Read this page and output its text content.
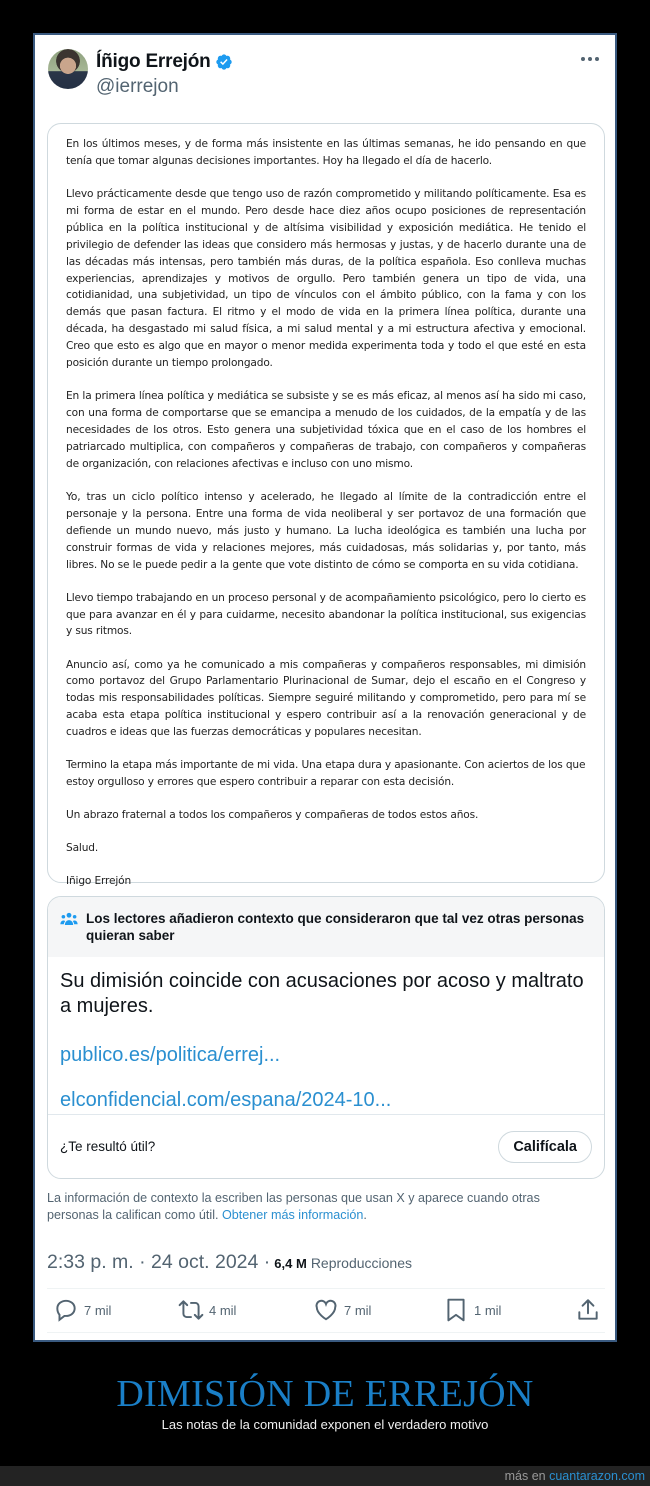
Íñigo Errejón
@ierrejon

En los últimos meses, y de forma más insistente en las últimas semanas, he ido pensando en que tenía que tomar algunas decisiones importantes. Hoy ha llegado el día de hacerlo.

Llevo prácticamente desde que tengo uso de razón comprometido y militando políticamente. Esa es mi forma de estar en el mundo. Pero desde hace diez años ocupo posiciones de representación pública en la política institucional y de altísima visibilidad y exposición mediática. He tenido el privilegio de defender las ideas que considero más hermosas y justas, y de hacerlo durante una de las décadas más intensas, pero también más duras, de la política española. Eso conlleva muchas experiencias, aprendizajes y motivos de orgullo. Pero también genera un tipo de vida, una cotidianidad, una subjetividad, un tipo de vínculos con el ámbito público, con la fama y con los demás que pasan factura. El ritmo y el modo de vida en la primera línea política, durante una década, ha desgastado mi salud física, a mi salud mental y a mi estructura afectiva y emocional. Creo que esto es algo que en mayor o menor medida experimenta toda y todo el que esté en esta posición durante un tiempo prolongado.

En la primera línea política y mediática se subsiste y se es más eficaz, al menos así ha sido mi caso, con una forma de comportarse que se emancipa a menudo de los cuidados, de la empatía y de las necesidades de los otros. Esto genera una subjetividad tóxica que en el caso de los hombres el patriarcado multiplica, con compañeros y compañeras de trabajo, con compañeros y compañeras de organización, con relaciones afectivas e incluso con uno mismo.

Yo, tras un ciclo político intenso y acelerado, he llegado al límite de la contradicción entre el personaje y la persona. Entre una forma de vida neoliberal y ser portavoz de una formación que defiende un mundo nuevo, más justo y humano. La lucha ideológica es también una lucha por construir formas de vida y relaciones mejores, más cuidadosas, más solidarias y, por tanto, más libres. No se le puede pedir a la gente que vote distinto de cómo se comporta en su vida cotidiana.

Llevo tiempo trabajando en un proceso personal y de acompañamiento psicológico, pero lo cierto es que para avanzar en él y para cuidarme, necesito abandonar la política institucional, sus exigencias y sus ritmos.

Anuncio así, como ya he comunicado a mis compañeras y compañeros responsables, mi dimisión como portavoz del Grupo Parlamentario Plurinacional de Sumar, dejo el escaño en el Congreso y todas mis responsabilidades políticas. Siempre seguiré militando y comprometido, pero para mí se acaba esta etapa política institucional y espero contribuir así a la renovación generacional y de cuadros e ideas que las fuerzas democráticas y populares necesitan.

Termino la etapa más importante de mi vida. Una etapa dura y apasionante. Con aciertos de los que estoy orgulloso y errores que espero contribuir a reparar con esta decisión.

Un abrazo fraternal a todos los compañeros y compañeras de todos estos años.

Salud.

Iñigo Errejón

Los lectores añadieron contexto que consideraron que tal vez otras personas quieran saber
Su dimisión coincide con acusaciones por acoso y maltrato a mujeres.
publico.es/politica/errej...
elconfidencial.com/espana/2024-10...
¿Te resultó útil?	Califícala
La información de contexto la escriben las personas que usan X y aparece cuando otras personas la califican como útil. Obtener más información.
2:33 p. m. · 24 oct. 2024 · 6,4 M Reproducciones
7 mil	4 mil	7 mil	1 mil
DIMISIÓN DE ERREJÓN
Las notas de la comunidad exponen el verdadero motivo
más en cuantarazon.com
